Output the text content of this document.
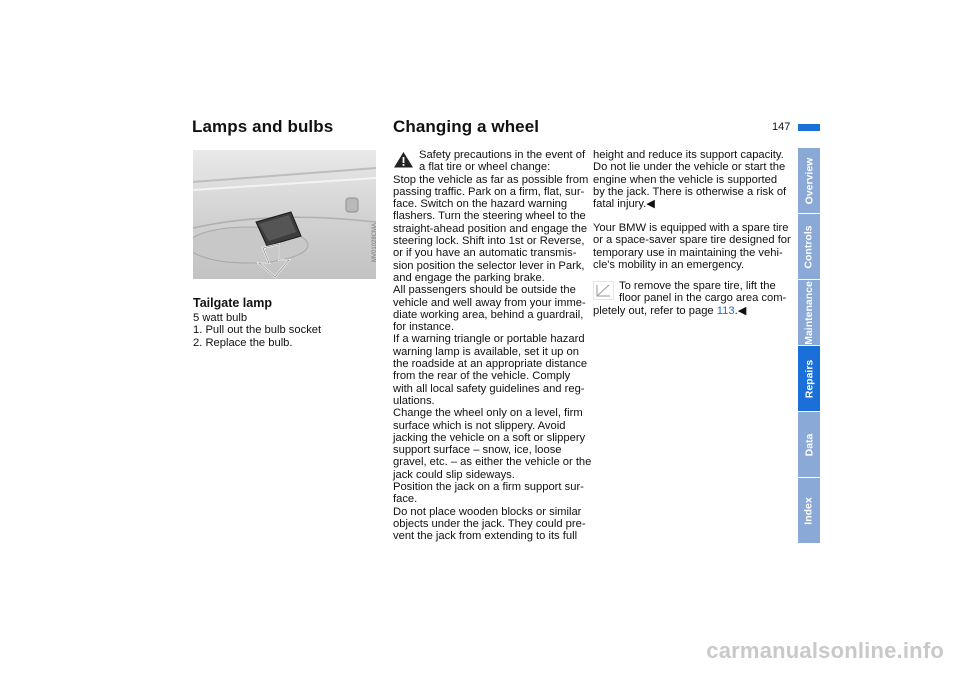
Lamps and bulbs	Changing a wheel	147
MV01028CMA
Tailgate lamp
5 watt bulb
1. Pull out the bulb socket
2. Replace the bulb.
Safety precautions in the event of
a flat tire or wheel change:
Stop the vehicle as far as possible from
passing traffic. Park on a firm, flat, sur-
face. Switch on the hazard warning
flashers. Turn the steering wheel to the
straight-ahead position and engage the
steering lock. Shift into 1st or Reverse,
or if you have an automatic transmis-
sion position the selector lever in Park,
and engage the parking brake.
All passengers should be outside the
vehicle and well away from your imme-
diate working area, behind a guardrail,
for instance.
If a warning triangle or portable hazard
warning lamp is available, set it up on
the roadside at an appropriate distance
from the rear of the vehicle. Comply
with all local safety guidelines and reg-
ulations.
Change the wheel only on a level, firm
surface which is not slippery. Avoid
jacking the vehicle on a soft or slippery
support surface – snow, ice, loose
gravel, etc. – as either the vehicle or the
jack could slip sideways.
Position the jack on a firm support sur-
face.
Do not place wooden blocks or similar
objects under the jack. They could pre-
vent the jack from extending to its full
height and reduce its support capacity.
Do not lie under the vehicle or start the
engine when the vehicle is supported
by the jack. There is otherwise a risk of
fatal injury.◀
Your BMW is equipped with a spare tire
or a space-saver spare tire designed for
temporary use in maintaining the vehi-
cle's mobility in an emergency.
To remove the spare tire, lift the
floor panel in the cargo area com-
pletely out, refer to page 113.◀
Overview
Controls
Maintenance
Repairs
Data
Index
carmanualsonline.info
